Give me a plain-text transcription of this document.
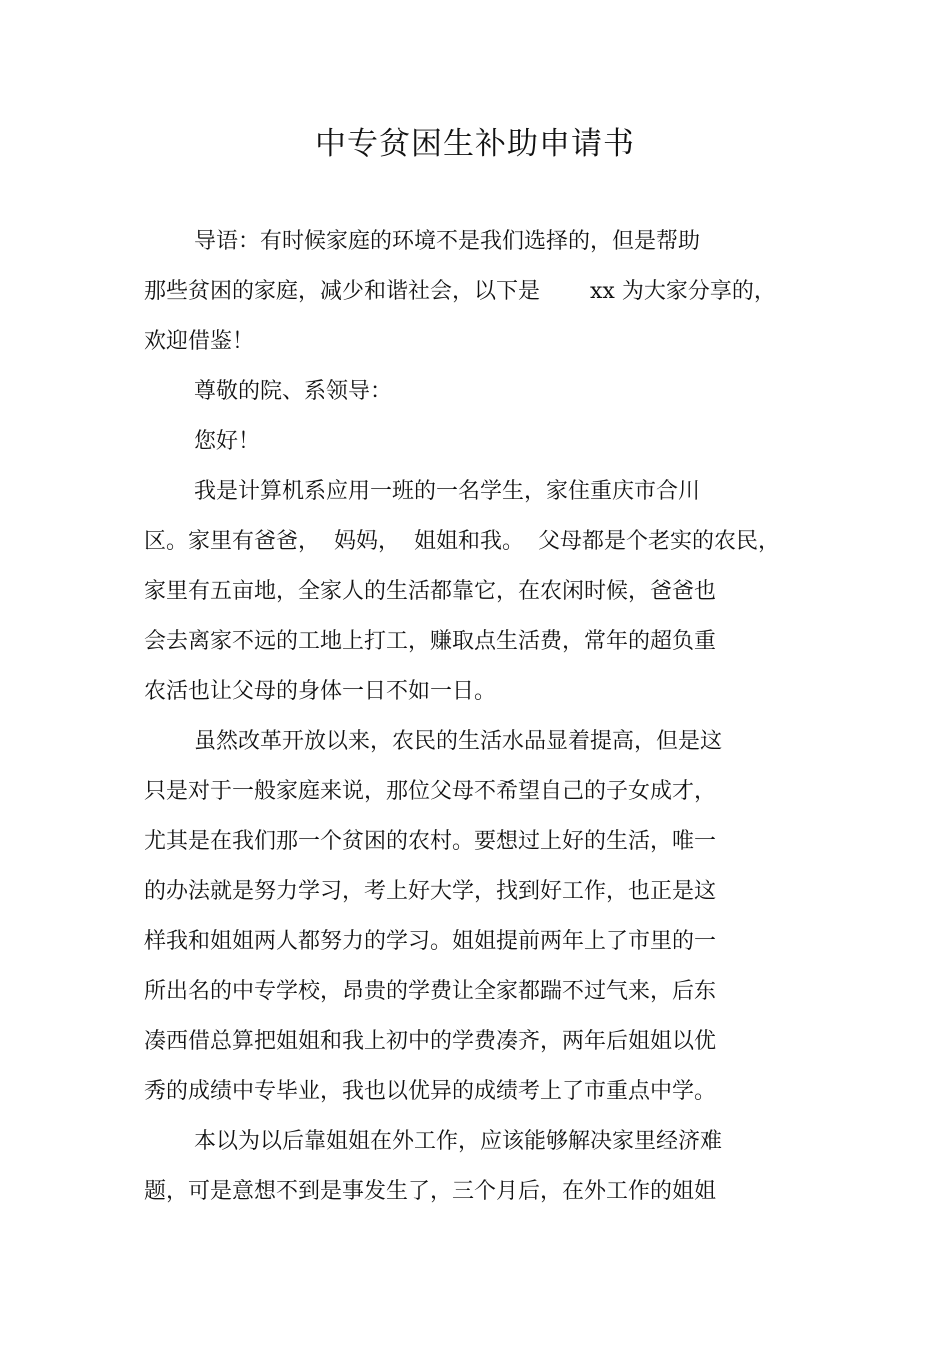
中专贫困生补助申请书
导语：有时候家庭的环境不是我们选择的，但是帮助
那些贫困的家庭，减少和谐社会，以下是 xx 为大家分享的，
欢迎借鉴！
尊敬的院、系领导：
您好！
我是计算机系应用一班的一名学生，家住重庆市合川
区。家里有爸爸， 妈妈， 姐姐和我。 父母都是个老实的农民，
家里有五亩地，全家人的生活都靠它，在农闲时候，爸爸也
会去离家不远的工地上打工，赚取点生活费，常年的超负重
农活也让父母的身体一日不如一日。
虽然改革开放以来，农民的生活水品显着提高，但是这
只是对于一般家庭来说，那位父母不希望自己的子女成才，
尤其是在我们那一个贫困的农村。要想过上好的生活，唯一
的办法就是努力学习，考上好大学，找到好工作，也正是这
样我和姐姐两人都努力的学习。姐姐提前两年上了市里的一
所出名的中专学校，昂贵的学费让全家都踹不过气来，后东
凑西借总算把姐姐和我上初中的学费凑齐，两年后姐姐以优
秀的成绩中专毕业，我也以优异的成绩考上了市重点中学。
本以为以后靠姐姐在外工作，应该能够解决家里经济难
题，可是意想不到是事发生了，三个月后，在外工作的姐姐
